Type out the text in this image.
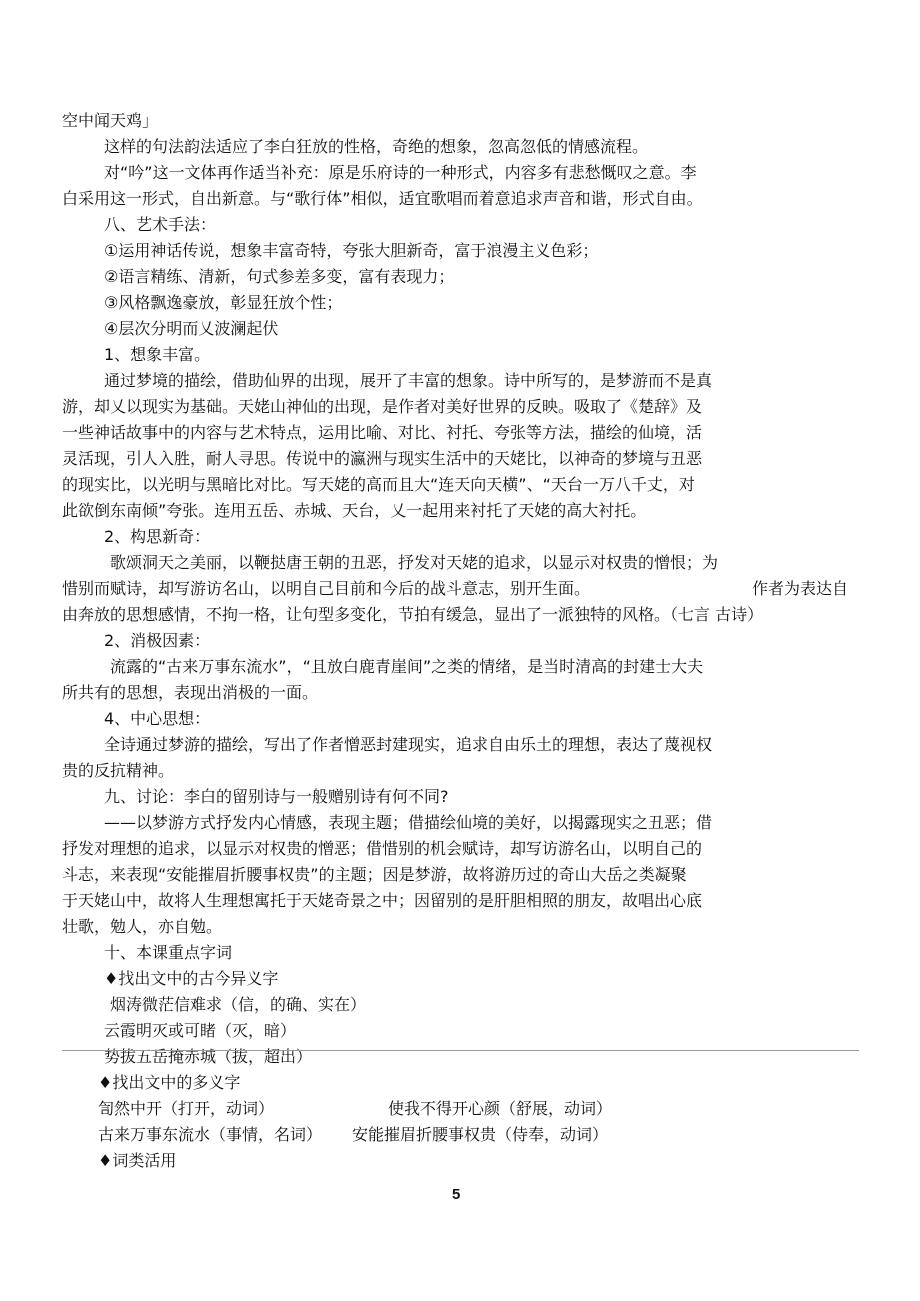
空中闻天鸡」
这样的句法韵法适应了李白狂放的性格，奇绝的想象，忽高忽低的情感流程。
对“吟”这一文体再作适当补充：原是乐府诗的一种形式，内容多有悲愁慨叹之意。李
白采用这一形式，自出新意。与“歌行体”相似，适宜歌唱而着意追求声音和谐，形式自由。
八、艺术手法：
①运用神话传说，想象丰富奇特，夸张大胆新奇，富于浪漫主义色彩；
②语言精练、清新，句式参差多变，富有表现力；
③风格飘逸豪放，彰显狂放个性；
④层次分明而乂波澜起伏
1、想象丰富。
通过梦境的描绘，借助仙界的出现，展开了丰富的想象。诗中所写的，是梦游而不是真
游，却乂以现实为基础。天姥山神仙的出现，是作者对美好世界的反映。吸取了《楚辞》及
一些神话故事中的内容与艺术特点，运用比喻、对比、衬托、夸张等方法，描绘的仙境，活
灵活现，引人入胜，耐人寻思。传说中的瀛洲与现实生活中的天姥比，以神奇的梦境与丑恶
的现实比，以光明与黑暗比对比。写天姥的高而且大“连天向天横”、“天台一万八千丈，对
此欲倒东南倾”夸张。连用五岳、赤城、天台，乂一起用来衬托了天姥的高大衬托。
2、构思新奇：
歌颂洞天之美丽，以鞭挞唐王朝的丑恶，抒发对天姥的追求，以显示对权贵的憎恨；为
惜别而赋诗，却写游访名山，以明自己目前和今后的战斗意志，别开生面。	作者为表达自
由奔放的思想感情，不拘一格，让句型多变化，节拍有缓急，显出了一派独特的风格。（七言 古诗）
2、消极因素：
流露的“古来万事东流水”，“且放白鹿青崖间”之类的情绪，是当时清高的封建士大夫
所共有的思想，表现出消极的一面。
4、中心思想：
全诗通过梦游的描绘，写出了作者憎恶封建现实，追求自由乐土的理想，表达了蔑视权
贵的反抗精神。
九、讨论：李白的留别诗与一般赠别诗有何不同?
——以梦游方式抒发内心情感，表现主题；借描绘仙境的美好，以揭露现实之丑恶；借
抒发对理想的追求，以显示对权贵的憎恶；借惜别的机会赋诗，却写访游名山，以明自己的
斗志，来表现“安能摧眉折腰事权贵”的主题；因是梦游，故将游历过的奇山大岳之类凝聚
于天姥山中，故将人生理想寓托于天姥奇景之中；因留别的是肝胆相照的朋友，故唱出心底
壮歌，勉人，亦自勉。
十、本课重点字词
♦找出文中的古今异义字
烟涛微茫信难求（信，的确、实在）
云霞明灭或可睹（灭，暗）
势拔五岳掩赤城（拔，超出）
♦找出文中的多义字
訇然中开（打开，动词）	使我不得开心颜（舒展，动词）
古来万事东流水（事情，名词） 安能摧眉折腰事权贵（侍奉，动词）
♦词类活用
5
